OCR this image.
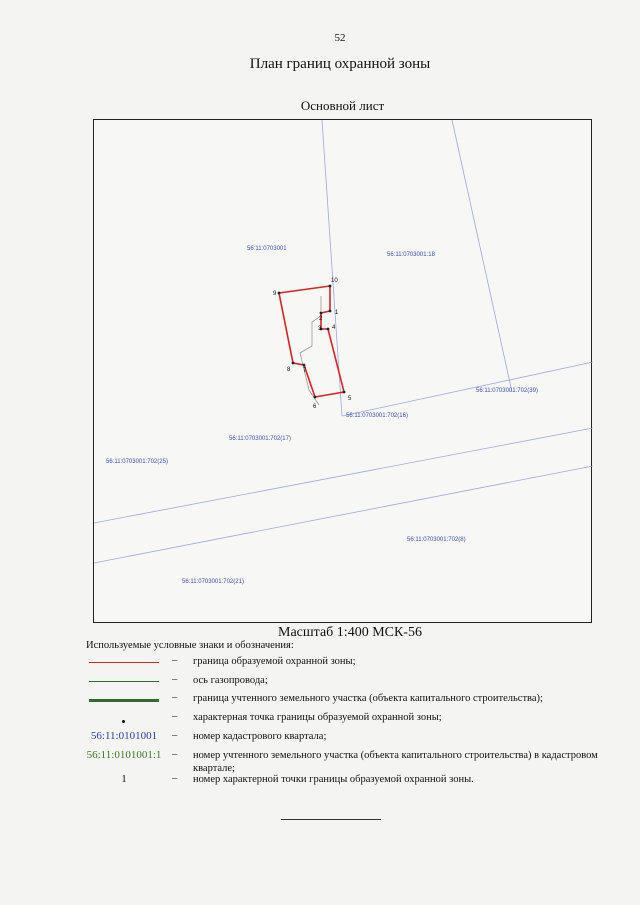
52
План границ охранной зоны
Основной лист
1
2
3 4
5
6
7
8
9
10
56:11:0703001
56:11:0703001:18
56:11:0703001:702(39)
56:11:0703001:702(16)
56:11:0703001:702(17)
56:11:0703001:702(25)
56:11:0703001:702(8)
56:11:0703001:702(21)
Масштаб 1:400 МСК-56
Используемые условные знаки и обозначения:
– граница образуемой охранной зоны;
– ось газопровода;
– граница учтенного земельного участка (объекта капитального строительства);
– характерная точка границы образуемой охранной зоны;
56:11:0101001	– номер кадастрового квартала;
56:11:0101001:1 – номер учтенного земельного участка (объекта капитального строительства) в кадастровом квартале;
1	– номер характерной точки границы образуемой охранной зоны.
